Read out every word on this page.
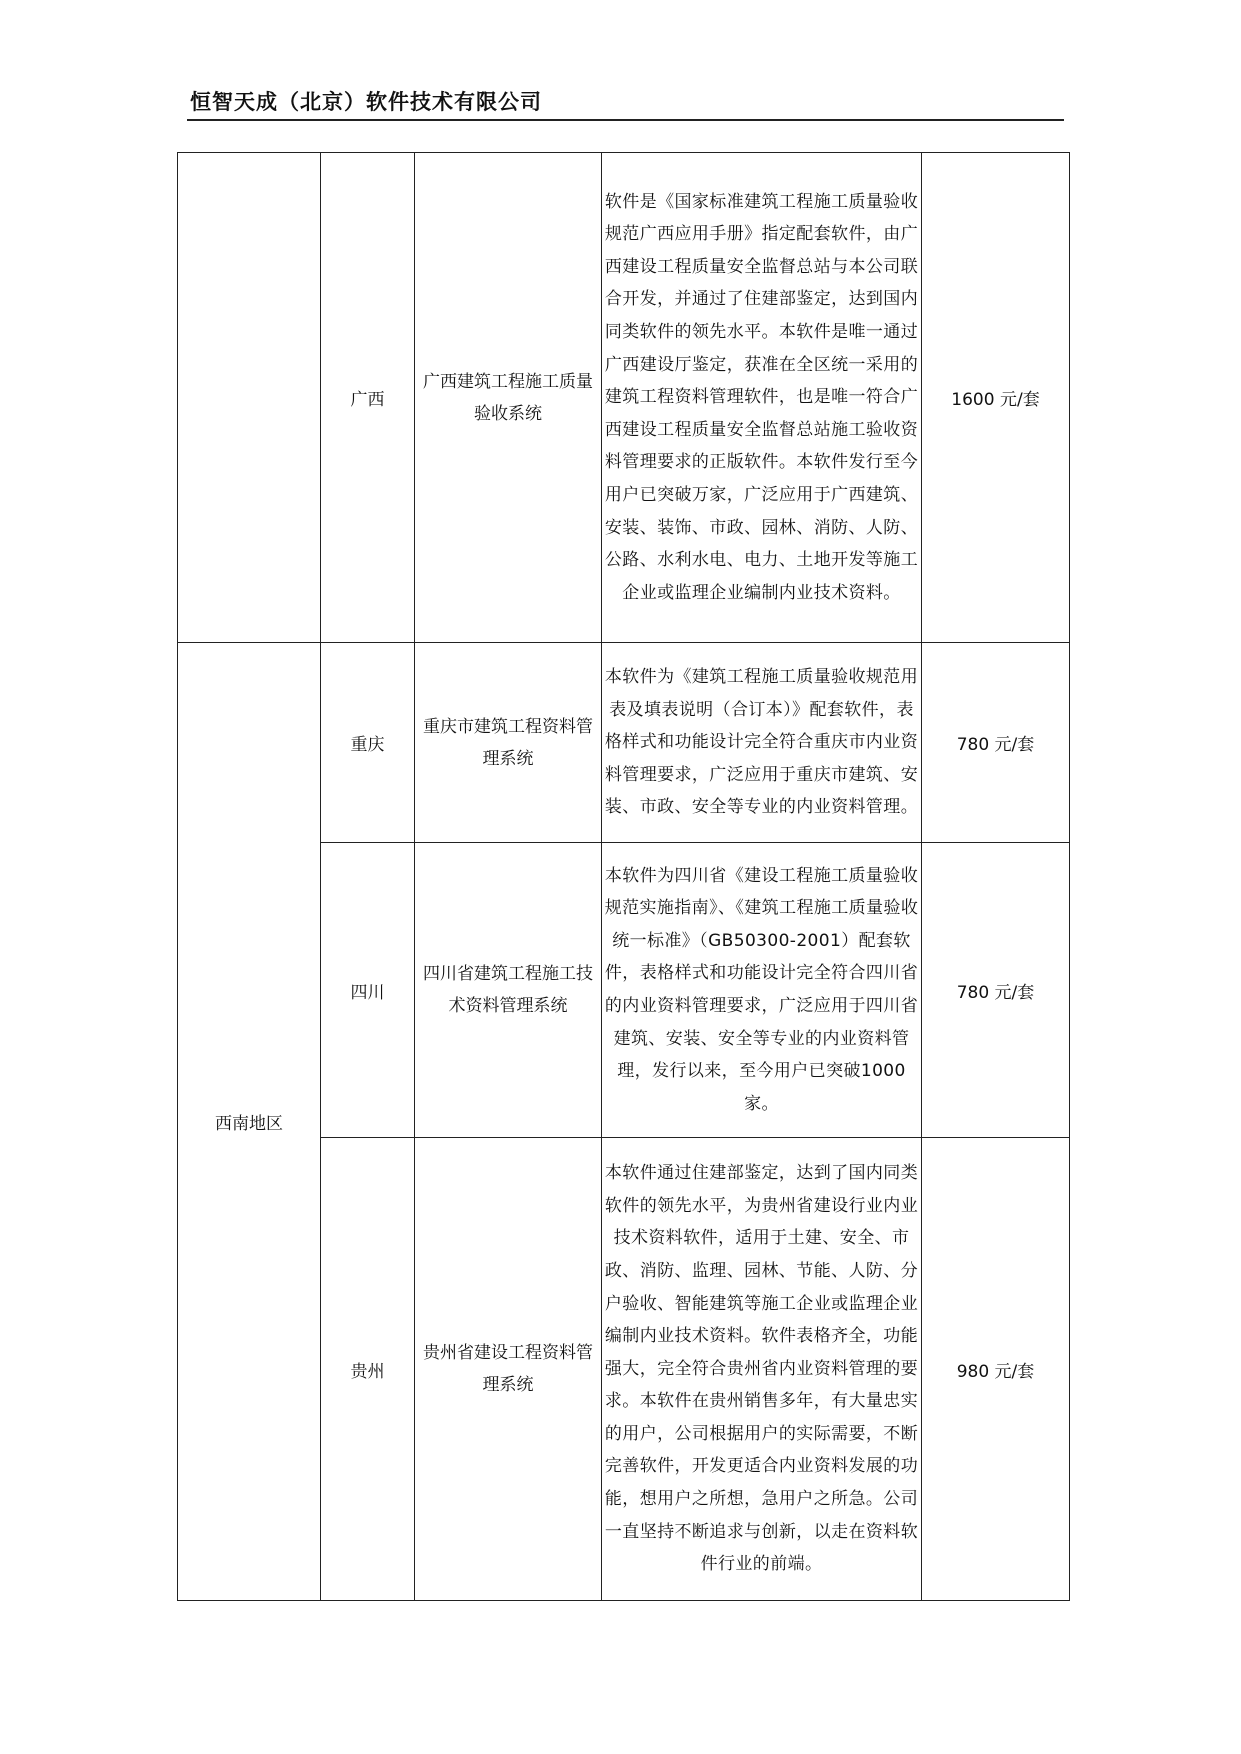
恒智天成（北京）软件技术有限公司
	广西	广西建筑工程施工质量验收系统	软件是《国家标准建筑工程施工质量验收规范广西应用手册》指定配套软件，由广西建设工程质量安全监督总站与本公司联合开发，并通过了住建部鉴定，达到国内同类软件的领先水平。本软件是唯一通过广西建设厅鉴定，获准在全区统一采用的建筑工程资料管理软件，也是唯一符合广西建设工程质量安全监督总站施工验收资料管理要求的正版软件。本软件发行至今用户已突破万家，广泛应用于广西建筑、安装、装饰、市政、园林、消防、人防、公路、水利水电、电力、土地开发等施工企业或监理企业编制内业技术资料。	1600 元/套
西南地区	重庆	重庆市建筑工程资料管理系统	本软件为《建筑工程施工质量验收规范用表及填表说明（合订本）》配套软件，表格样式和功能设计完全符合重庆市内业资料管理要求，广泛应用于重庆市建筑、安装、市政、安全等专业的内业资料管理。	780 元/套
	四川	四川省建筑工程施工技术资料管理系统	本软件为四川省《建设工程施工质量验收规范实施指南》、《建筑工程施工质量验收统一标准》（GB50300-2001）配套软件，表格样式和功能设计完全符合四川省的内业资料管理要求，广泛应用于四川省建筑、安装、安全等专业的内业资料管理，发行以来，至今用户已突破1000 家。	780 元/套
	贵州	贵州省建设工程资料管理系统	本软件通过住建部鉴定，达到了国内同类软件的领先水平，为贵州省建设行业内业技术资料软件，适用于土建、安全、市政、消防、监理、园林、节能、人防、分户验收、智能建筑等施工企业或监理企业编制内业技术资料。软件表格齐全，功能强大，完全符合贵州省内业资料管理的要求。本软件在贵州销售多年，有大量忠实的用户，公司根据用户的实际需要，不断完善软件，开发更适合内业资料发展的功能，想用户之所想，急用户之所急。公司一直坚持不断追求与创新，以走在资料软件行业的前端。	980 元/套
